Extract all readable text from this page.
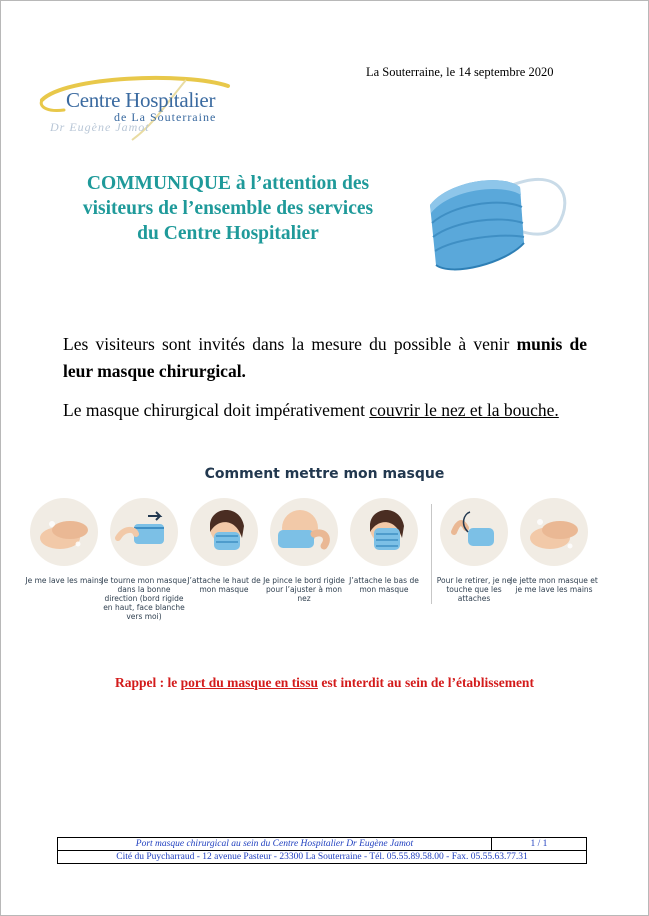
La Souterraine, le 14 septembre 2020
Centre Hospitalier
de La Souterraine
Dr Eugène Jamot
COMMUNIQUE à l’attention des
visiteurs de l’ensemble des services
du Centre Hospitalier
Les visiteurs sont invités dans la mesure du possible à venir munis de leur masque chirurgical.
Le masque chirurgical doit impérativement couvrir le nez et la bouche.
Comment mettre mon masque
Je me lave les mains
Je tourne mon masque dans la bonne direction (bord rigide en haut, face blanche vers moi)
J’attache le haut de mon masque
Je pince le bord rigide pour l’ajuster à mon nez
J’attache le bas de mon masque
Pour le retirer, je ne touche que les attaches
Je jette mon masque et je me lave les mains
Rappel : le port du masque en tissu est interdit au sein de l’établissement
Port masque chirurgical au sein du Centre Hospitalier Dr Eugène Jamot	1 / 1
Cité du Puycharraud - 12 avenue Pasteur - 23300 La Souterraine - Tél. 05.55.89.58.00 - Fax. 05.55.63.77.31
